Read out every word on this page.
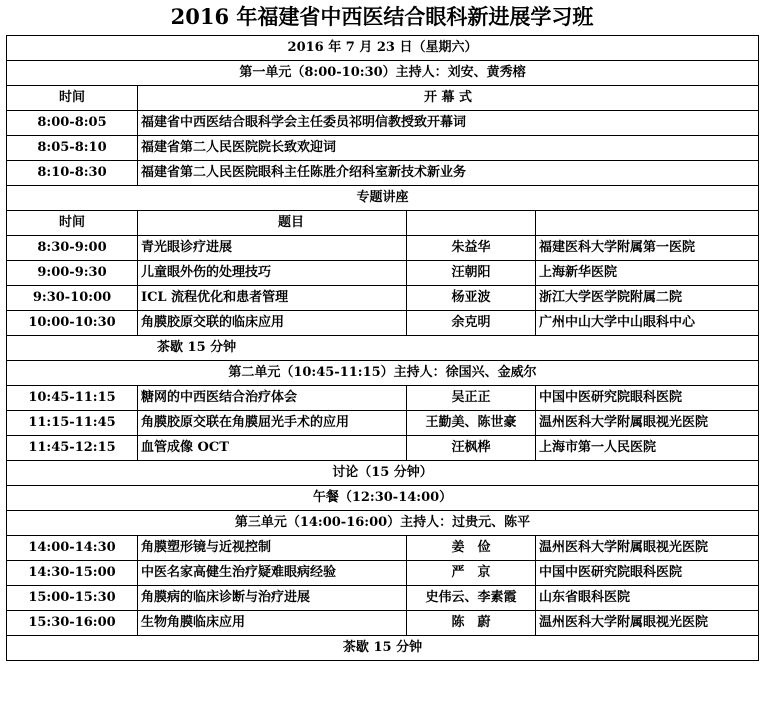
2016 年福建省中西医结合眼科新进展学习班
2016 年 7 月 23 日（星期六）			
第一单元（8:00-10:30）主持人：刘安、黄秀榕			
时间	开 幕 式		
8:00-8:05	福建省中西医结合眼科学会主任委员祁明信教授致开幕词		
8:05-8:10	福建省第二人民医院院长致欢迎词		
8:10-8:30	福建省第二人民医院眼科主任陈胜介绍科室新技术新业务		
专题讲座			
时间	题目		
8:30-9:00	青光眼诊疗进展	朱益华	福建医科大学附属第一医院
9:00-9:30	儿童眼外伤的处理技巧	汪朝阳	上海新华医院
9:30-10:00	ICL 流程优化和患者管理	杨亚波	浙江大学医学院附属二院
10:00-10:30	角膜胶原交联的临床应用	余克明	广州中山大学中山眼科中心
茶歇 15 分钟			
第二单元（10:45-11:15）主持人：徐国兴、金威尔			
10:45-11:15	糖网的中西医结合治疗体会	吴正正	中国中医研究院眼科医院
11:15-11:45	角膜胶原交联在角膜屈光手术的应用	王勤美、陈世豪	温州医科大学附属眼视光医院
11:45-12:15	血管成像 OCT	汪枫桦	上海市第一人民医院
讨论（15 分钟）			
午餐（12:30-14:00）			
第三单元（14:00-16:00）主持人：过贵元、陈平			
14:00-14:30	角膜塑形镜与近视控制	姜　俭	温州医科大学附属眼视光医院
14:30-15:00	中医名家高健生治疗疑难眼病经验	严　京	中国中医研究院眼科医院
15:00-15:30	角膜病的临床诊断与治疗进展	史伟云、李素霞	山东省眼科医院
15:30-16:00	生物角膜临床应用	陈　蔚	温州医科大学附属眼视光医院
茶歇 15 分钟			
